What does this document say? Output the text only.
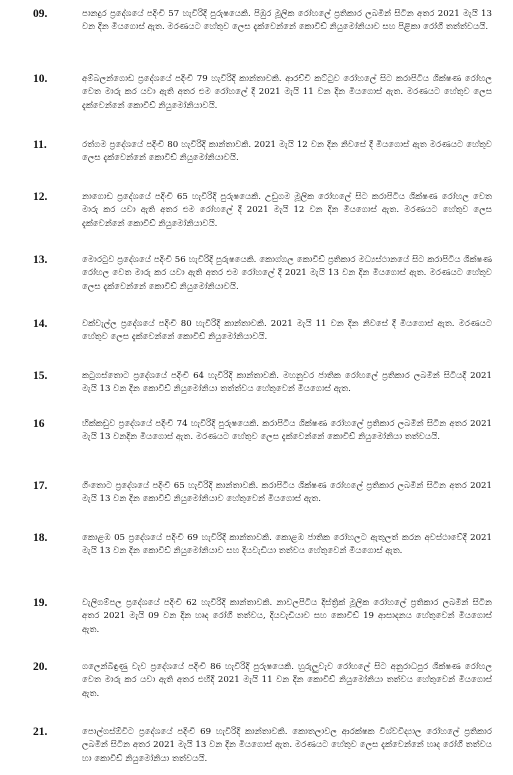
09.	පානදුර ප්‍රදේශයේ පදිංචි 57 හැවිරිදි පුරුෂයෙකි. පිඹුර මූලික රෝහලේ ප්‍රතිකාර ලබමින් සිටින අතර 2021 මැයි 13 වන දින මියගොස් ඇත. මරණයට හේතුව ලෙස දැක්වෙන්නේ කොවිඩ් නියුමෝනියාව සහ පිළිකා රෝගී තත්ත්වයයි.
10.	අම්බලන්ගොඩ ප්‍රදේශයේ පදිංචි 79 හැවිරිදි කාන්තාවකි. ආරච්චි කට්ටුව රෝහලේ සිට කරාපිටිය ශික්ෂණ රෝහල වෙත මාරු කර යවා ඇති අතර එම රෝහලේ දී 2021 මැයි 11 වන දින මියගොස් ඇත. මරණයට හේතුව ලෙස දැක්වෙන්නේ කොවිඩ් නියුමෝනියාවයි.
11.	රත්ගම ප්‍රදේශයේ පදිංචි 80 හැවිරිදි කාන්තාවකි. 2021 මැයි 12 වන දින නිවසේ දී මියගොස් ඇත මරණයට හේතුව ලෙස දැක්වෙන්නේ කොවිඩ් නියුමෝනියාවයි.
12.	නාගොඩ ප්‍රදේශයේ පදිංචි 65 හැවිරිදි පුරුෂයෙකි. උඩුගම මූලික රෝහලේ සිට කරාපිටිය ශික්ෂණ රෝහල වෙත මාරු කර යවා ඇති අතර එම රෝහලේ දී 2021 මැයි 12 වන දින මියගොස් ඇත. මරණයට හේතුව ලෙස දැක්වෙන්නේ කොවිඩ් නියුමෝනියාවයි.
13.	මොරටුව ප්‍රදේශයේ පදිංචි 56 හැවිරිදි පුරුෂයෙකි. කොග්ගල කොවිඩ් ප්‍රතිකාර මධ්‍යස්ථානයේ සිට කරාපිටිය ශික්ෂණ රෝහල වෙත මාරු කර යවා ඇති අතර එම රෝහලේ දී 2021 මැයි 13 වන දින මියගොස් ඇත. මරණයට හේතුව ලෙස දැක්වෙන්නේ කොවිඩ් නියුමෝනියාවයි.
14.	වක්වැල්ල ප්‍රදේශයේ පදිංචි 80 හැවිරිදි කාන්තාවකි. 2021 මැයි 11 වන දින නිවසේ දී මියගොස් ඇත. මරණයට හේතුව ලෙස දැක්වෙන්නේ කොවිඩ් නියුමෝනියාවයි.
15.	කටුගස්තොට ප්‍රදේශයේ පදිංචි 64 හැවිරිදි කාන්තාවකි. මහනුවර ජාතික රෝහලේ ප්‍රතිකාර ලබමින් සිටියදී 2021 මැයි 13 වන දින කොවිඩ් නියුමෝනියා තත්ත්වය හේතුවෙන් මියගොස් ඇත.
16	හික්කඩුව ප්‍රදේශයේ පදිංචි 74 හැවිරිදි පුරුෂයෙකි. කරාපිටිය ශික්ෂණ රෝහලේ ප්‍රතිකාර ලබමින් සිටින අතර 2021 මැයි 13 වනදින මියගොස් ඇත. මරණයට හේතුව ලෙස දැක්වෙන්නේ කොවිඩ් නියුමෝනියා තත්වයයි.
17.	ගිංතොට ප්‍රදේශයේ පදිංචි 65 හැවිරිදි කාන්තාවකි. කරාපිටිය ශික්ෂණ රෝහලේ ප්‍රතිකාර ලබමින් සිටින අතර 2021 මැයි 13 වන දින කොවිඩ් නියුමෝනියාව හේතුවෙන් මියගොස් ඇත.
18.	කොළඹ 05 ප්‍රදේශයේ පදිංචි 69 හැවිරිදි කාන්තාවකි. කොළඹ ජාතික රෝහලට ඇතුලත් කරන අවස්ථාවේදී 2021 මැයි 13 වන දින කොවිඩ් නියුමෝනියාව සහ දියවැඩියා තත්වය හේතුවෙන් මියගොස් ඇත.
19.	වැලිගම්පල ප්‍රදේශයේ පදිංචි 62 හැවිරිදි කාන්තාවකි. නාවලපිටිය දිස්ත්‍රික් මූලික රෝහලේ ප්‍රතිකාර ලබමින් සිටින අතර 2021 මැයි 09 වන දින හෘද රෝගී තත්වය, දියවැඩියාව සහ කොවිඩ් 19 ආසාදනය හේතුවෙන් මියගොස් ඇත.
20.	ගලෙන්බිඳුණු වැව ප්‍රදේශයේ පදිංචි 86 හැවිරිදි පුරුෂයෙකි. හුරුලුවැව රෝහලේ සිට අනුරාධපුර ශික්ෂණ රෝහල වෙත මාරු කර යවා ඇති අතර එහිදී 2021 මැයි 11 වන දින කොවිඩ් නියුමෝනියා තත්වය හේතුවෙන් මියගොස් ඇත.
21.	පොල්ගස්ඕවිට ප්‍රදේශයේ පදිංචි 69 හැවිරිදි කාන්තාවකි. කොතලාවල ආරක්ෂක විශ්වවිද්‍යාල රෝහලේ ප්‍රතිකාර ලබමින් සිටින අතර 2021 මැයි 13 වන දින මියගොස් ඇත. මරණයට හේතුව ලෙස දැක්වෙන්නේ හෘද රෝගී තත්වය හා කොවිඩ් නියුමෝනියා තත්වයයි.
